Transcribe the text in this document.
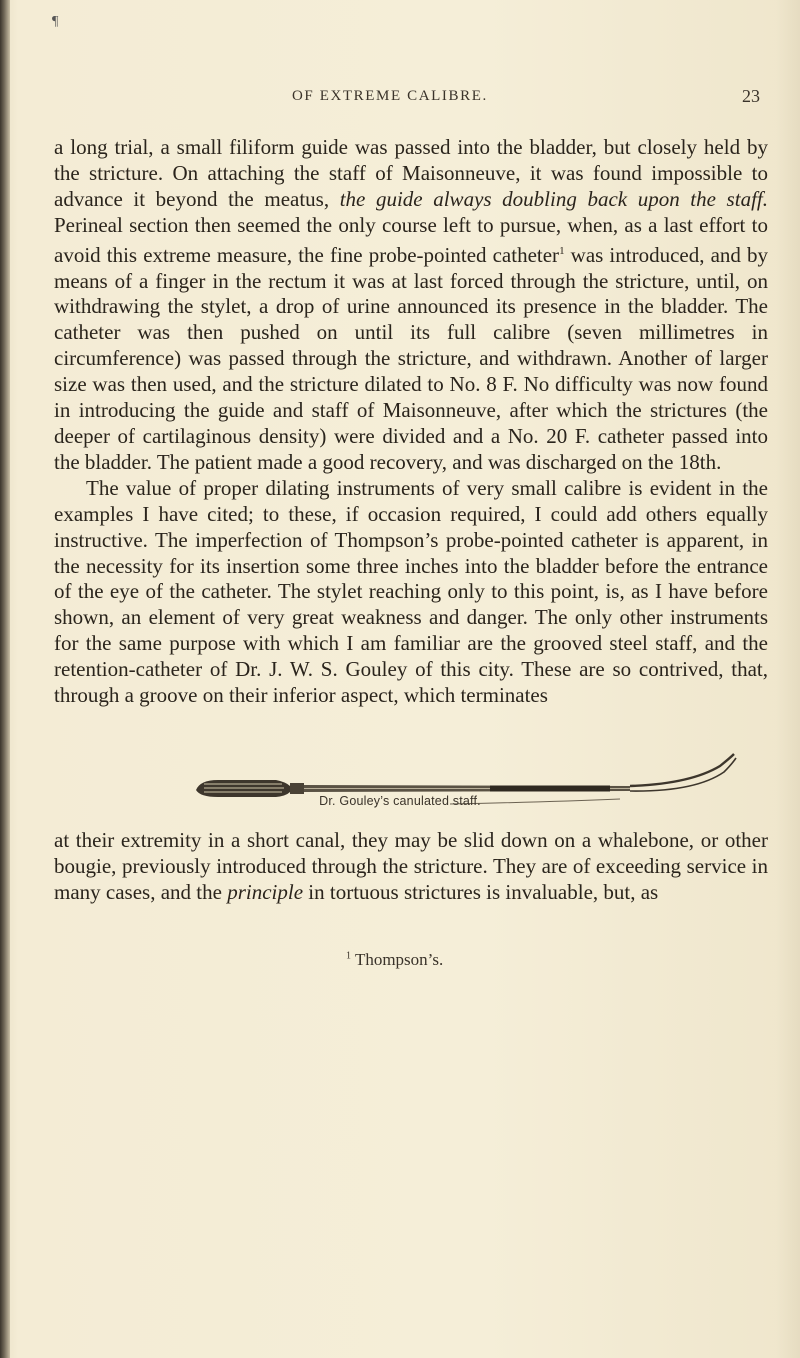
¶
OF EXTREME CALIBRE.	23

a long trial, a small filiform guide was passed into the bladder, but closely held by the stricture. On attaching the staff of Maisonneuve, it was found impossible to advance it beyond the meatus, the guide always doubling back upon the staff. Perineal section then seemed the only course left to pursue, when, as a last effort to avoid this extreme measure, the fine probe-pointed catheter$^1$ was introduced, and by means of a finger in the rectum it was at last forced through the stricture, until, on withdrawing the stylet, a drop of urine announced its presence in the bladder. The catheter was then pushed on until its full calibre (seven millimetres in circumference) was passed through the stricture, and withdrawn. Another of larger size was then used, and the stricture dilated to No. 8 F. No difficulty was now found in introducing the guide and staff of Maisonneuve, after which the strictures (the deeper of cartilaginous density) were divided and a No. 20 F. catheter passed into the bladder. The patient made a good recovery, and was discharged on the 18th.

The value of proper dilating instruments of very small calibre is evident in the examples I have cited; to these, if occasion required, I could add others equally instructive. The imperfection of Thompson’s probe-pointed catheter is apparent, in the necessity for its insertion some three inches into the bladder before the entrance of the eye of the catheter. The stylet reaching only to this point, is, as I have before shown, an element of very great weakness and danger. The only other instruments for the same purpose with which I am familiar are the grooved steel staff, and the retention-catheter of Dr. J. W. S. Gouley of this city. These are so contrived, that, through a groove on their inferior aspect, which terminates

Dr. Gouley’s canulated staff.

at their extremity in a short canal, they may be slid down on a whalebone, or other bougie, previously introduced through the stricture. They are of exceeding service in many cases, and the principle in tortuous strictures is invaluable, but, as

$^1$ Thompson’s.
